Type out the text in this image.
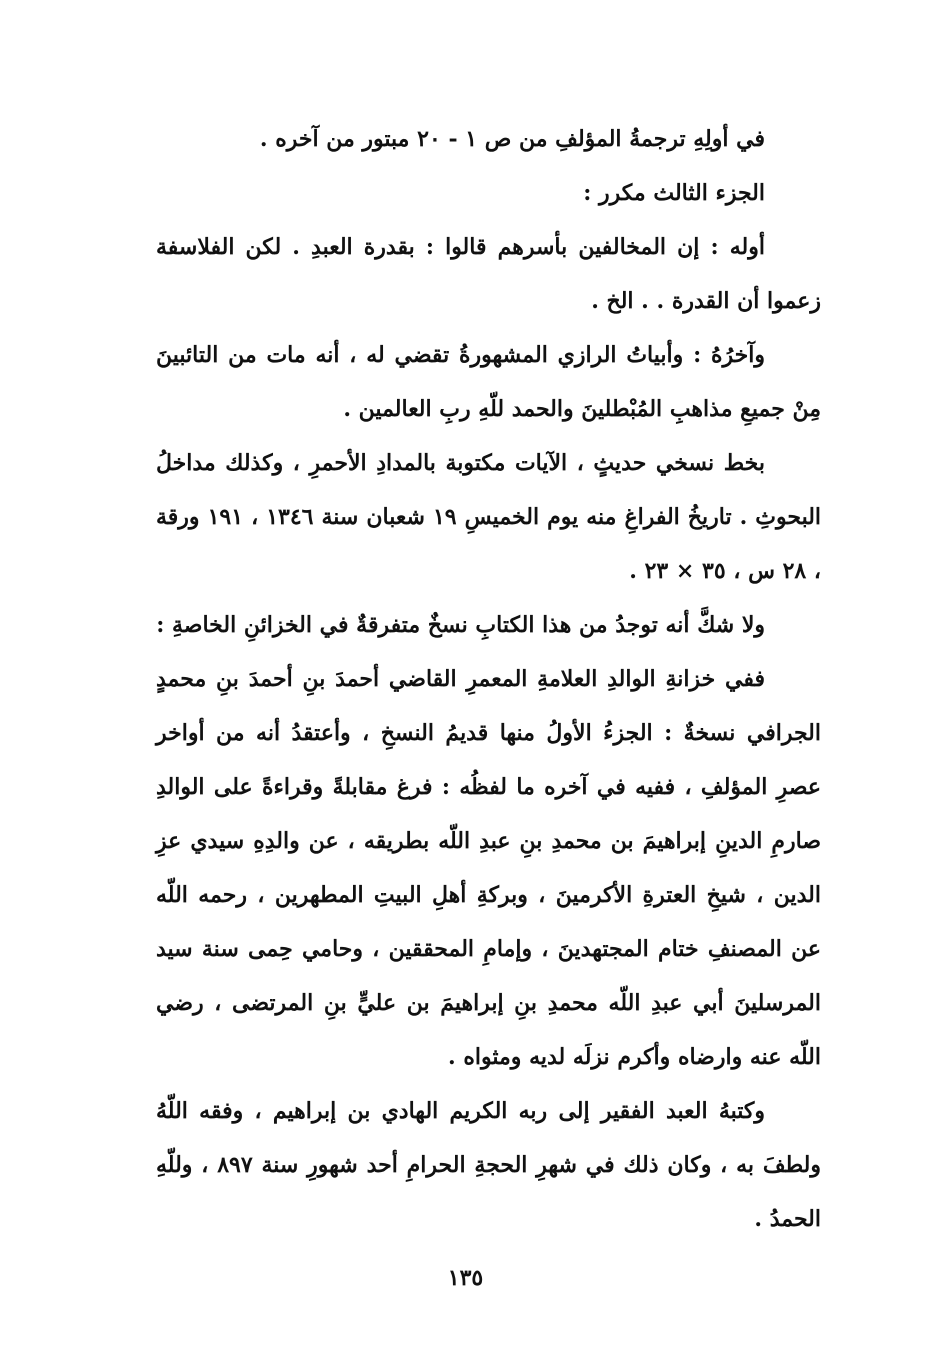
في أولِهِ ترجمةُ المؤلفِ من ص ١ - ٢٠ مبتور من آخره .

الجزء الثالث مكرر :

أوله : إن المخالفين بأسرهم قالوا : بقدرة العبدِ . لكن الفلاسفة زعموا أن القدرة . . الخ .

وآخرُهُ : وأبياتُ الرازي المشهورةُ تقضي له ، أنه مات من التائبينَ مِنْ جميعِ مذاهبِ المُبْطلينَ والحمد للّهِ ربِ العالمين .

بخط نسخي حديثٍ ، الآيات مكتوبة بالمدادِ الأحمرِ ، وكذلك مداخلُ البحوثِ . تاريخُ الفراغِ منه يوم الخميسِ ١٩ شعبان سنة ١٣٤٦ ، ١٩١ ورقة ، ٢٨ س ، ٣٥ × ٢٣ .

ولا شكَّ أنه توجدُ من هذا الكتابِ نسخٌ متفرقةٌ في الخزائنِ الخاصةِ :

ففي خزانةِ الوالدِ العلامةِ المعمرِ القاضي أحمدَ بنِ أحمدَ بنِ محمدٍ الجرافي نسخةٌ : الجزءُ الأولُ منها قديمُ النسخِ ، وأعتقدُ أنه من أواخر عصرِ المؤلفِ ، ففيه في آخره ما لفظُه : فرغ مقابلةً وقراءةً على الوالدِ صارمِ الدينِ إبراهيمَ بن محمدِ بنِ عبدِ اللّه بطريقه ، عن والدِهِ سيدي عزِ الدين ، شيخِ العترةِ الأكرمينَ ، وبركةِ أهلِ البيتِ المطهرين ، رحمه اللّه عن المصنفِ ختام المجتهدينَ ، وإمامِ المحققين ، وحامي حِمى سنة سيد المرسلينَ أبي عبدِ اللّه محمدِ بنِ إبراهيمَ بن عليٍّ بنِ المرتضى ، رضي اللّه عنه وارضاه وأكرم نزلَه لديه ومثواه .

وكتبهُ العبد الفقير إلى ربه الكريم الهادي بن إبراهيم ، وفقه اللّهُ ولطفَ به ، وكان ذلك في شهرِ الحجةِ الحرامِ أحد شهورِ سنة ٨٩٧ ، وللّهِ الحمدُ .

١٣٥
